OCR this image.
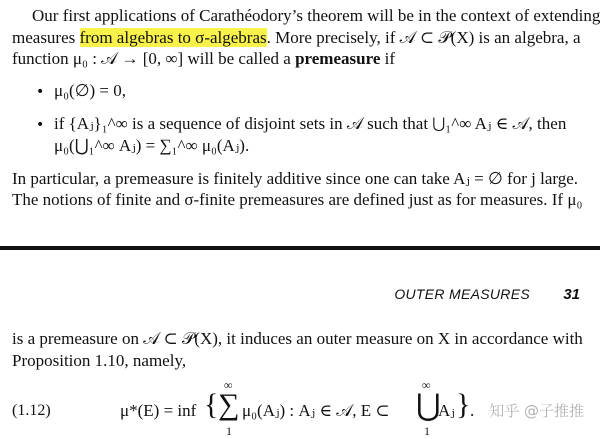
Our first applications of Carathéodory’s theorem will be in the context of extending
measures from algebras to σ-algebras. More precisely, if 𝒜 ⊂ 𝒫(X) is an algebra, a
function μ₀ : 𝒜 → [0, ∞] will be called a premeasure if
• μ₀(∅) = 0,
• if {Aⱼ}₁^∞ is a sequence of disjoint sets in 𝒜 such that ⋃₁^∞ Aⱼ ∈ 𝒜, then
μ₀(⋃₁^∞ Aⱼ) = ∑₁^∞ μ₀(Aⱼ).
In particular, a premeasure is finitely additive since one can take Aⱼ = ∅ for j large.
The notions of finite and σ-finite premeasures are defined just as for measures. If μ₀
OUTER MEASURES 31
is a premeasure on 𝒜 ⊂ 𝒫(X), it induces an outer measure on X in accordance with
Proposition 1.10, namely,
(1.12)	μ*(E) = inf {
∞
∑
1
μ₀(Aⱼ) : Aⱼ ∈ 𝒜, E ⊂
∞
⋃
1
Aⱼ } . 知乎 @子推推
